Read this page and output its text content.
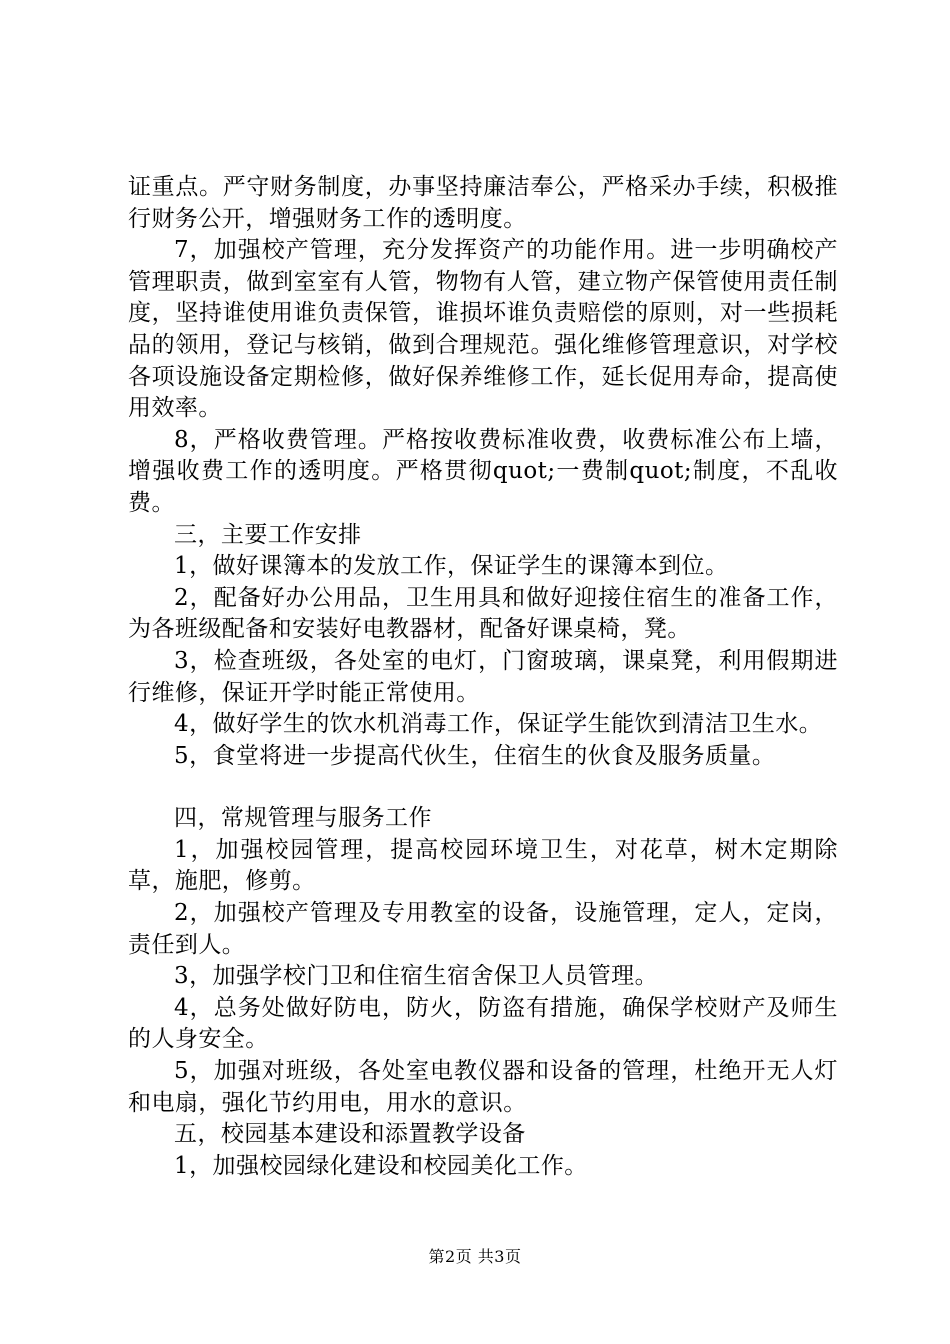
证重点。严守财务制度，办事坚持廉洁奉公，严格采办手续，积极推行财务公开，增强财务工作的透明度。

7，加强校产管理，充分发挥资产的功能作用。进一步明确校产管理职责，做到室室有人管，物物有人管，建立物产保管使用责任制度，坚持谁使用谁负责保管，谁损坏谁负责赔偿的原则，对一些损耗品的领用，登记与核销，做到合理规范。强化维修管理意识，对学校各项设施设备定期检修，做好保养维修工作，延长促用寿命，提高使用效率。

8，严格收费管理。严格按收费标准收费，收费标准公布上墙，增强收费工作的透明度。严格贯彻quot;一费制quot;制度，不乱收费。

三，主要工作安排

1，做好课簿本的发放工作，保证学生的课簿本到位。

2，配备好办公用品，卫生用具和做好迎接住宿生的准备工作，为各班级配备和安装好电教器材，配备好课桌椅，凳。

3，检查班级，各处室的电灯，门窗玻璃，课桌凳，利用假期进行维修，保证开学时能正常使用。

4，做好学生的饮水机消毒工作，保证学生能饮到清洁卫生水。

5，食堂将进一步提高代伙生，住宿生的伙食及服务质量。

四，常规管理与服务工作

1，加强校园管理，提高校园环境卫生，对花草，树木定期除草，施肥，修剪。

2，加强校产管理及专用教室的设备，设施管理，定人，定岗，责任到人。

3，加强学校门卫和住宿生宿舍保卫人员管理。

4，总务处做好防电，防火，防盗有措施，确保学校财产及师生的人身安全。

5，加强对班级，各处室电教仪器和设备的管理，杜绝开无人灯和电扇，强化节约用电，用水的意识。

五，校园基本建设和添置教学设备

1，加强校园绿化建设和校园美化工作。

第2页 共3页
